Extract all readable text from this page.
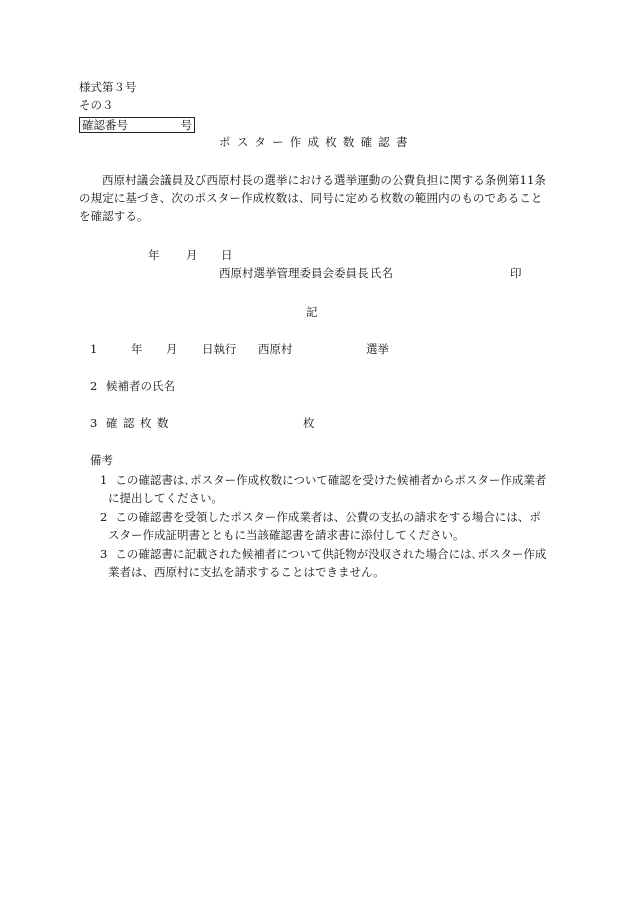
様式第３号
その３
確認番号	号
ポスター作成枚数確認書

西原村議会議員及び西原村長の選挙における選挙運動の公費負担に関する条例第11条の規定に基づき、次のポスター作成枚数は、同号に定める枚数の範囲内のものであることを確認する。

年 月 日
西原村選挙管理委員会委員長 氏名	印
記
1	年 月 日執行 西原村	選挙
2 候補者の氏名
3 確認枚数	枚
備考
1 この確認書は､ポスター作成枚数について確認を受けた候補者からポスター作成業者に提出してください。
2 この確認書を受領したポスター作成業者は、公費の支払の請求をする場合には、ポスター作成証明書とともに当該確認書を請求書に添付してください。
3 この確認書に記載された候補者について供託物が没収された場合には､ポスター作成業者は、西原村に支払を請求することはできません。
